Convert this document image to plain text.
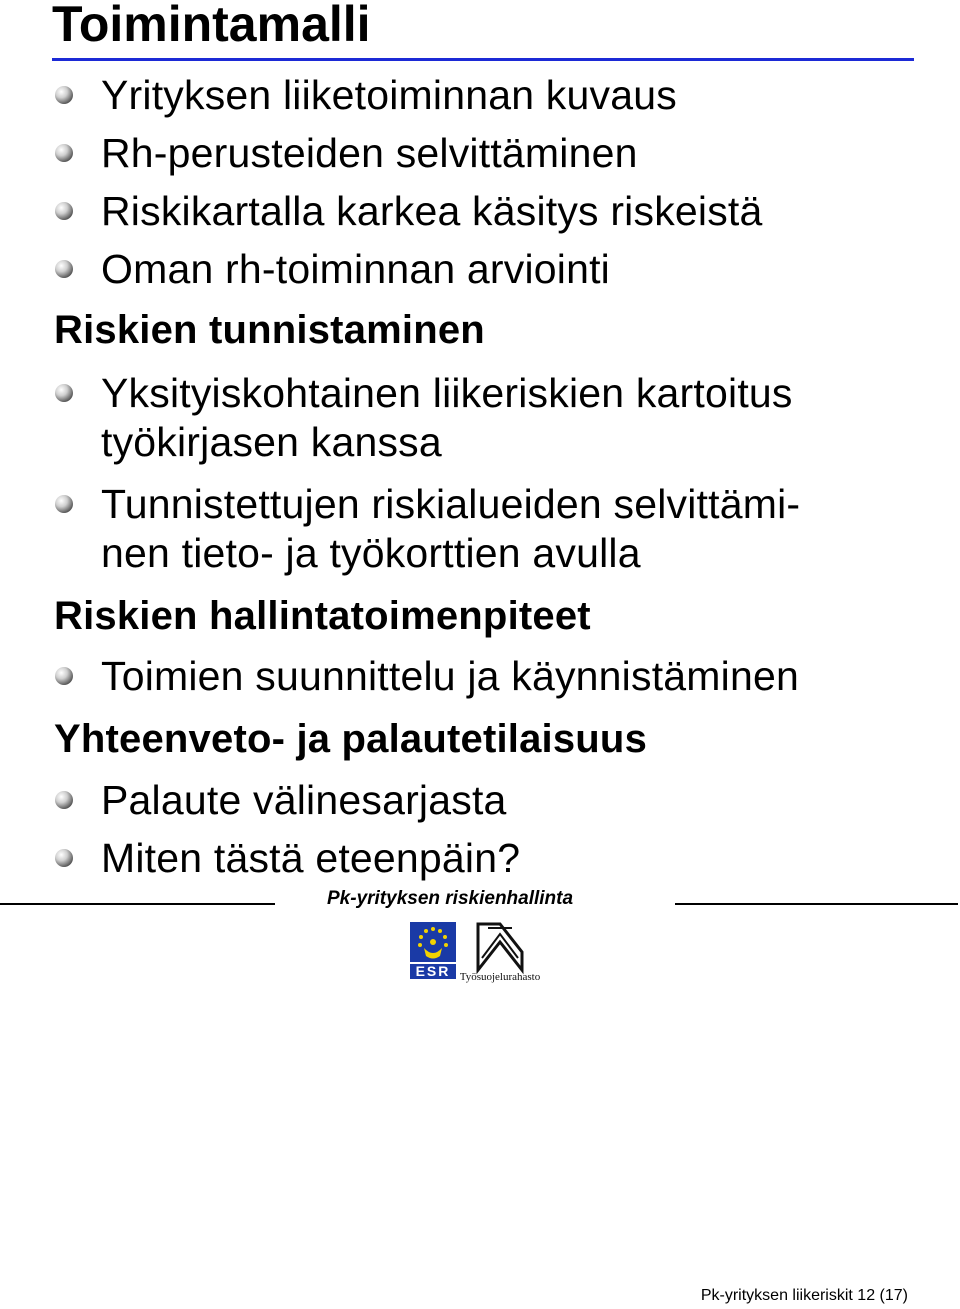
Toimintamalli
Yrityksen liiketoiminnan kuvaus
Rh-perusteiden selvittäminen
Riskikartalla karkea käsitys riskeistä
Oman rh-toiminnan arviointi
Riskien tunnistaminen
Yksityiskohtainen liikeriskien kartoitus
työkirjasen kanssa
Tunnistettujen riskialueiden selvittämi-
nen tieto- ja työkorttien avulla
Riskien hallintatoimenpiteet
Toimien suunnittelu ja käynnistäminen
Yhteenveto- ja palautetilaisuus
Palaute välinesarjasta
Miten tästä eteenpäin?
Pk-yrityksen riskienhallinta
ESR Työsuojelurahasto
Pk-yrityksen liikeriskit 12 (17)
